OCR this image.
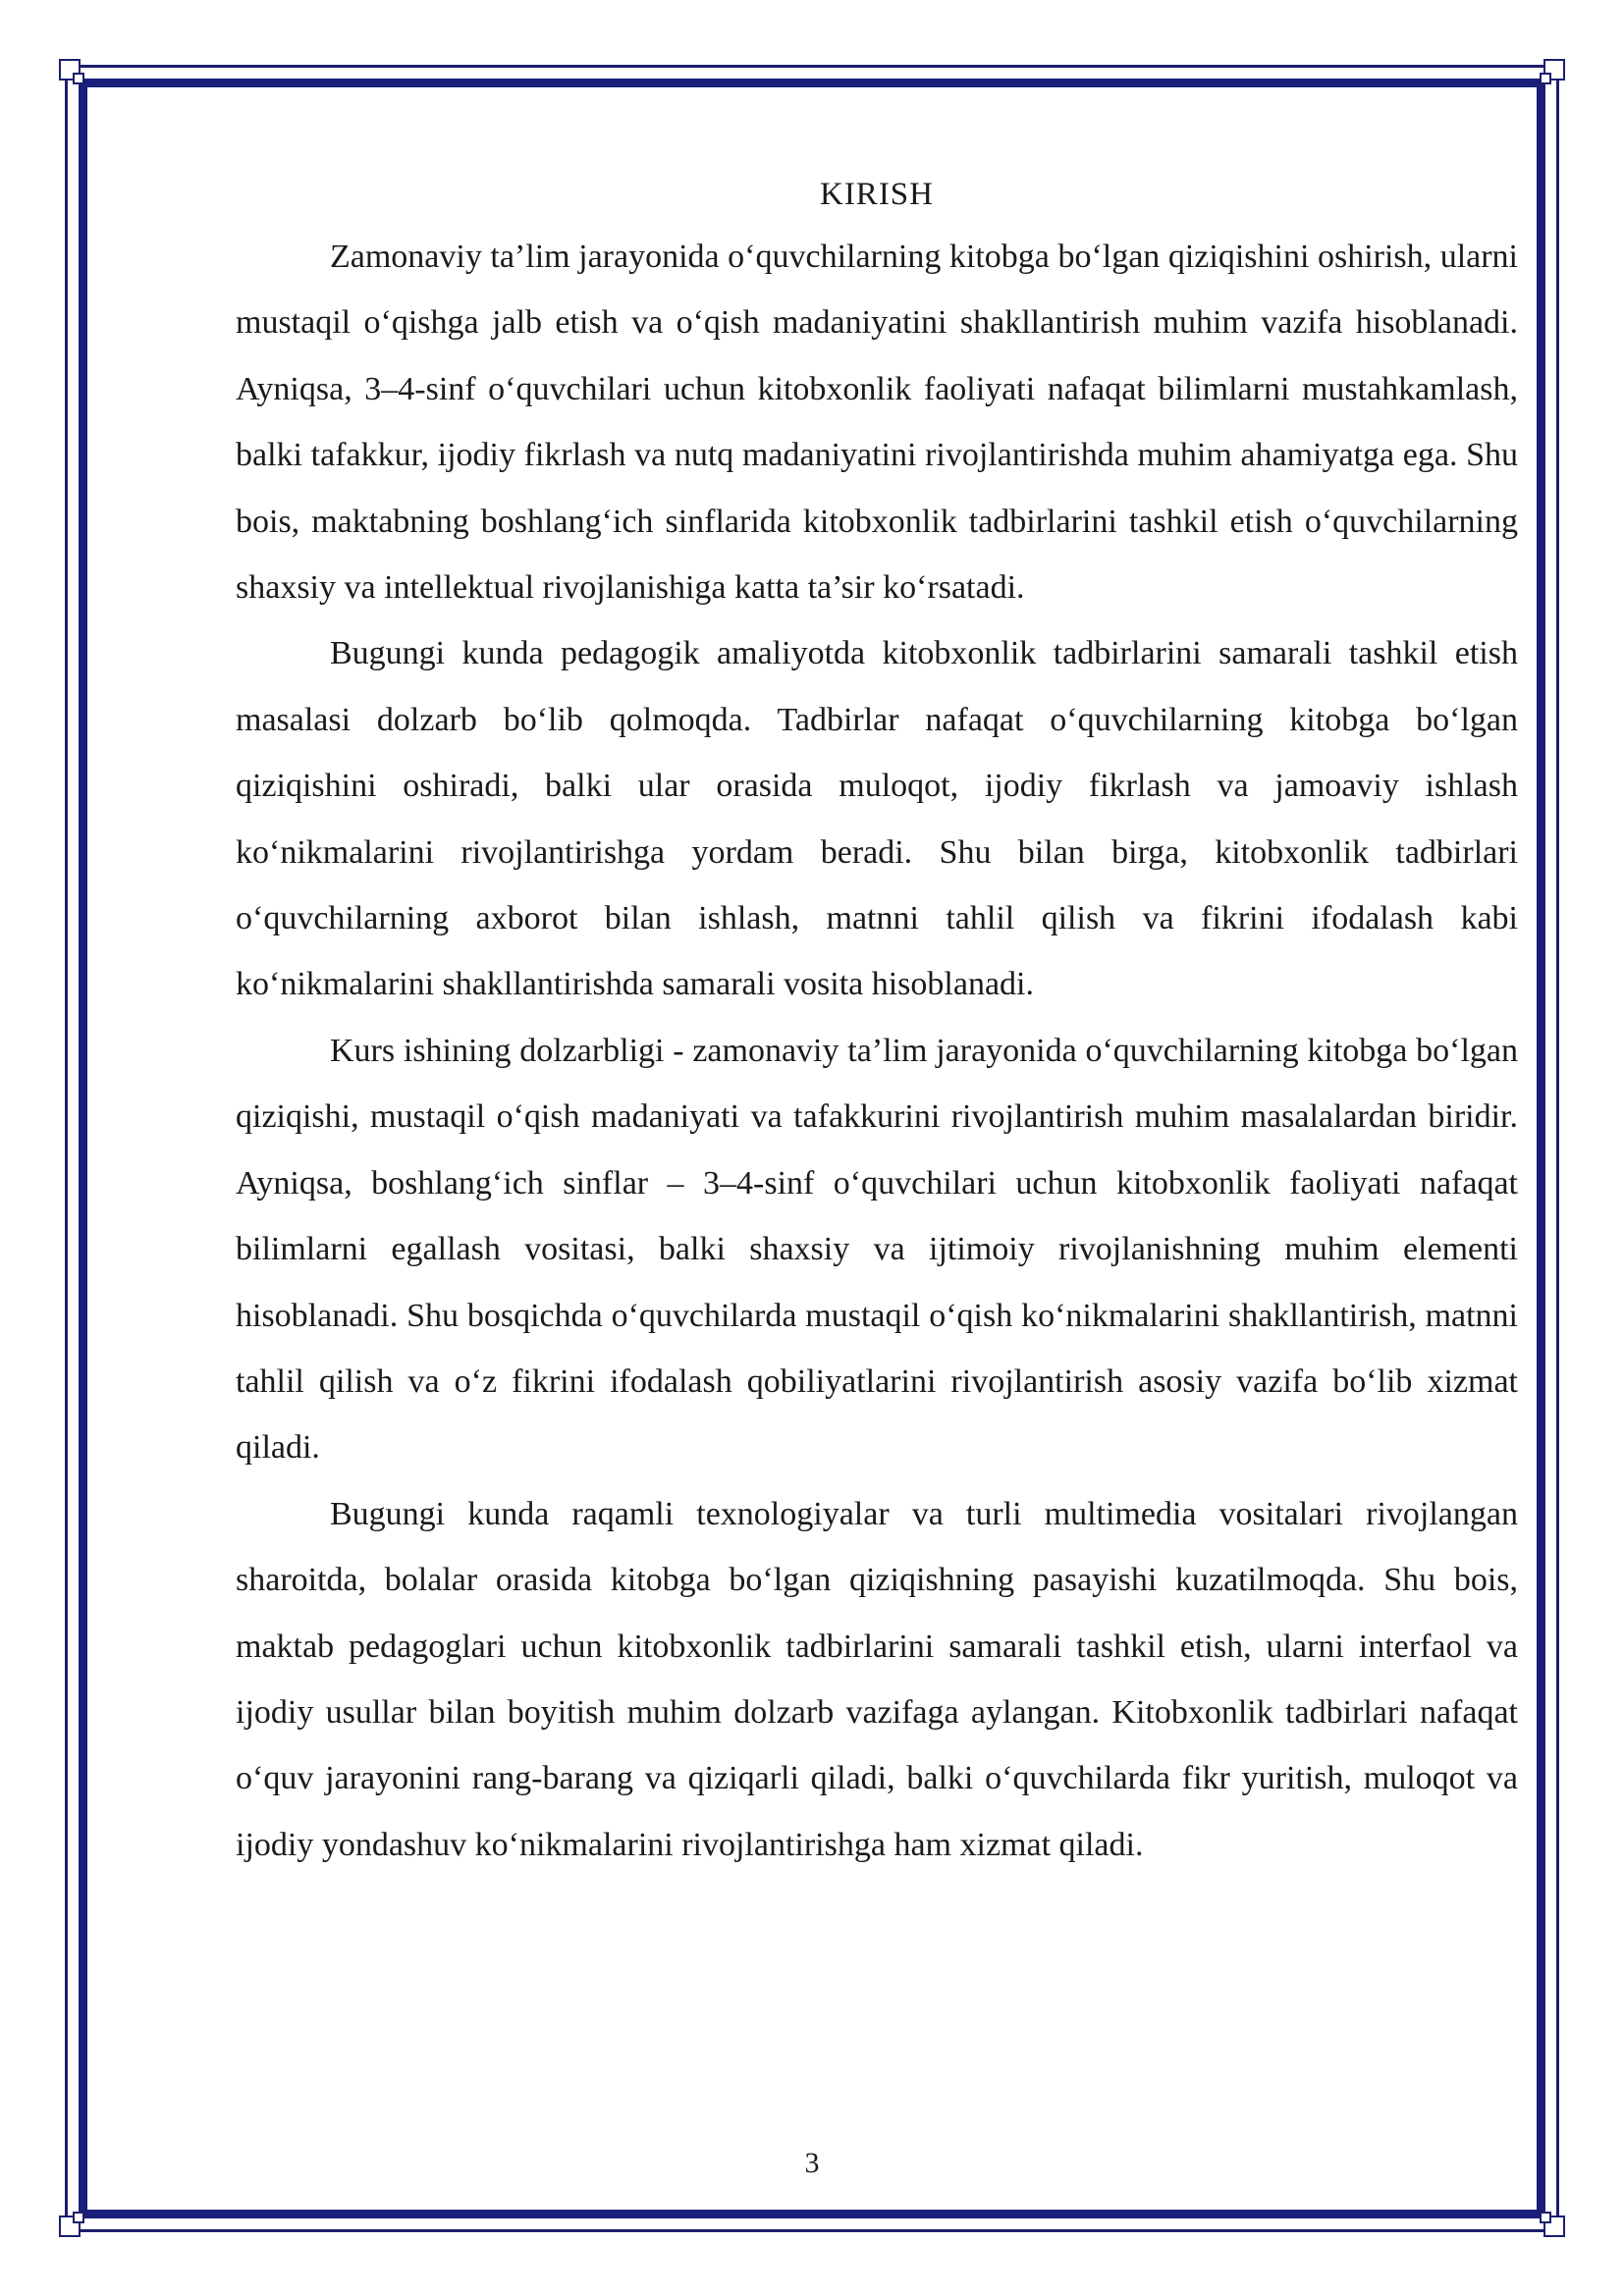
KIRISH

Zamonaviy ta’lim jarayonida o‘quvchilarning kitobga bo‘lgan qiziqishini oshirish, ularni mustaqil o‘qishga jalb etish va o‘qish madaniyatini shakllantirish muhim vazifa hisoblanadi. Ayniqsa, 3–4-sinf o‘quvchilari uchun kitobxonlik faoliyati nafaqat bilimlarni mustahkamlash, balki tafakkur, ijodiy fikrlash va nutq madaniyatini rivojlantirishda muhim ahamiyatga ega. Shu bois, maktabning boshlang‘ich sinflarida kitobxonlik tadbirlarini tashkil etish o‘quvchilarning shaxsiy va intellektual rivojlanishiga katta ta’sir ko‘rsatadi.

Bugungi kunda pedagogik amaliyotda kitobxonlik tadbirlarini samarali tashkil etish masalasi dolzarb bo‘lib qolmoqda. Tadbirlar nafaqat o‘quvchilarning kitobga bo‘lgan qiziqishini oshiradi, balki ular orasida muloqot, ijodiy fikrlash va jamoaviy ishlash ko‘nikmalarini rivojlantirishga yordam beradi. Shu bilan birga, kitobxonlik tadbirlari o‘quvchilarning axborot bilan ishlash, matnni tahlil qilish va fikrini ifodalash kabi ko‘nikmalarini shakllantirishda samarali vosita hisoblanadi.

Kurs ishining dolzarbligi - zamonaviy ta’lim jarayonida o‘quvchilarning kitobga bo‘lgan qiziqishi, mustaqil o‘qish madaniyati va tafakkurini rivojlantirish muhim masalalardan biridir. Ayniqsa, boshlang‘ich sinflar – 3–4-sinf o‘quvchilari uchun kitobxonlik faoliyati nafaqat bilimlarni egallash vositasi, balki shaxsiy va ijtimoiy rivojlanishning muhim elementi hisoblanadi. Shu bosqichda o‘quvchilarda mustaqil o‘qish ko‘nikmalarini shakllantirish, matnni tahlil qilish va o‘z fikrini ifodalash qobiliyatlarini rivojlantirish asosiy vazifa bo‘lib xizmat qiladi.

Bugungi kunda raqamli texnologiyalar va turli multimedia vositalari rivojlangan sharoitda, bolalar orasida kitobga bo‘lgan qiziqishning pasayishi kuzatilmoqda. Shu bois, maktab pedagoglari uchun kitobxonlik tadbirlarini samarali tashkil etish, ularni interfaol va ijodiy usullar bilan boyitish muhim dolzarb vazifaga aylangan. Kitobxonlik tadbirlari nafaqat o‘quv jarayonini rang-barang va qiziqarli qiladi, balki o‘quvchilarda fikr yuritish, muloqot va ijodiy yondashuv ko‘nikmalarini rivojlantirishga ham xizmat qiladi.

3
